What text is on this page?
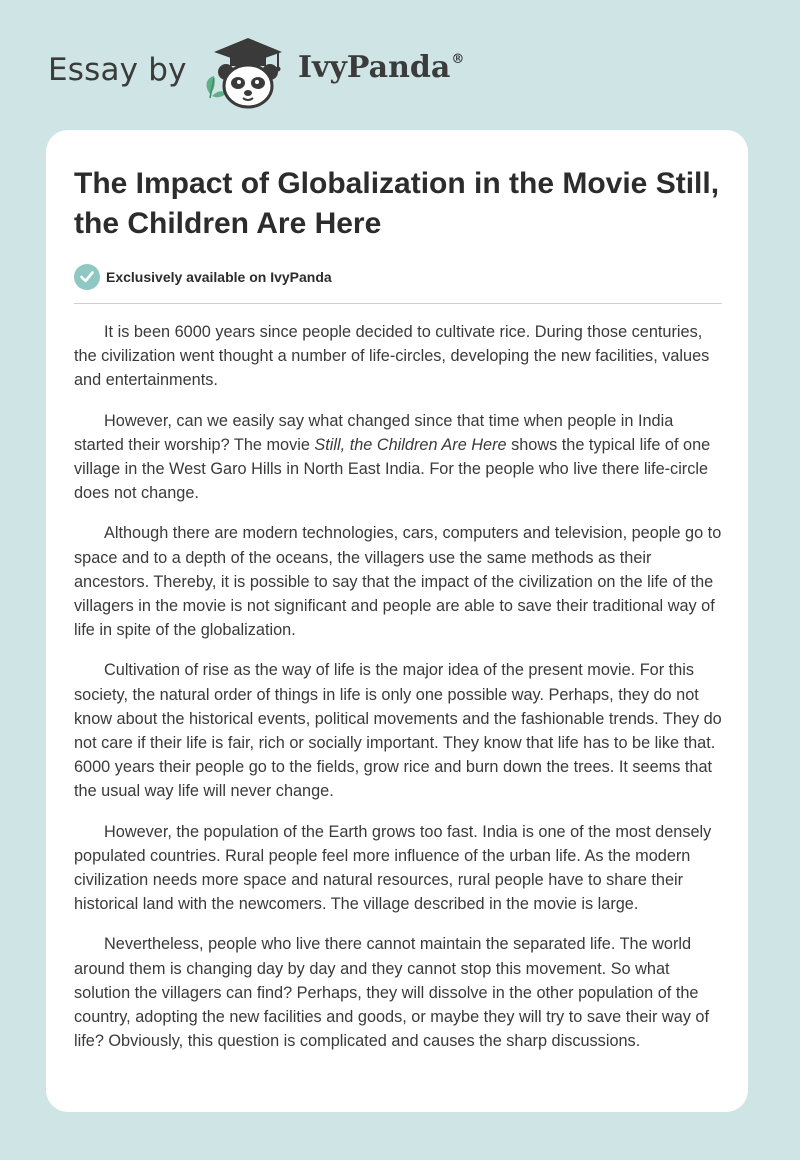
Essay by	IvyPanda®
The Impact of Globalization in the Movie Still, the Children Are Here
Exclusively available on IvyPanda

It is been 6000 years since people decided to cultivate rice. During those centuries, the civilization went thought a number of life-circles, developing the new facilities, values and entertainments.

However, can we easily say what changed since that time when people in India started their worship? The movie Still, the Children Are Here shows the typical life of one village in the West Garo Hills in North East India. For the people who live there life-circle does not change.

Although there are modern technologies, cars, computers and television, people go to space and to a depth of the oceans, the villagers use the same methods as their ancestors. Thereby, it is possible to say that the impact of the civilization on the life of the villagers in the movie is not significant and people are able to save their traditional way of life in spite of the globalization.

Cultivation of rise as the way of life is the major idea of the present movie. For this society, the natural order of things in life is only one possible way. Perhaps, they do not know about the historical events, political movements and the fashionable trends. They do not care if their life is fair, rich or socially important. They know that life has to be like that. 6000 years their people go to the fields, grow rice and burn down the trees. It seems that the usual way life will never change.

However, the population of the Earth grows too fast. India is one of the most densely populated countries. Rural people feel more influence of the urban life. As the modern civilization needs more space and natural resources, rural people have to share their historical land with the newcomers. The village described in the movie is large.

Nevertheless, people who live there cannot maintain the separated life. The world around them is changing day by day and they cannot stop this movement. So what solution the villagers can find? Perhaps, they will dissolve in the other population of the country, adopting the new facilities and goods, or maybe they will try to save their way of life? Obviously, this question is complicated and causes the sharp discussions.
